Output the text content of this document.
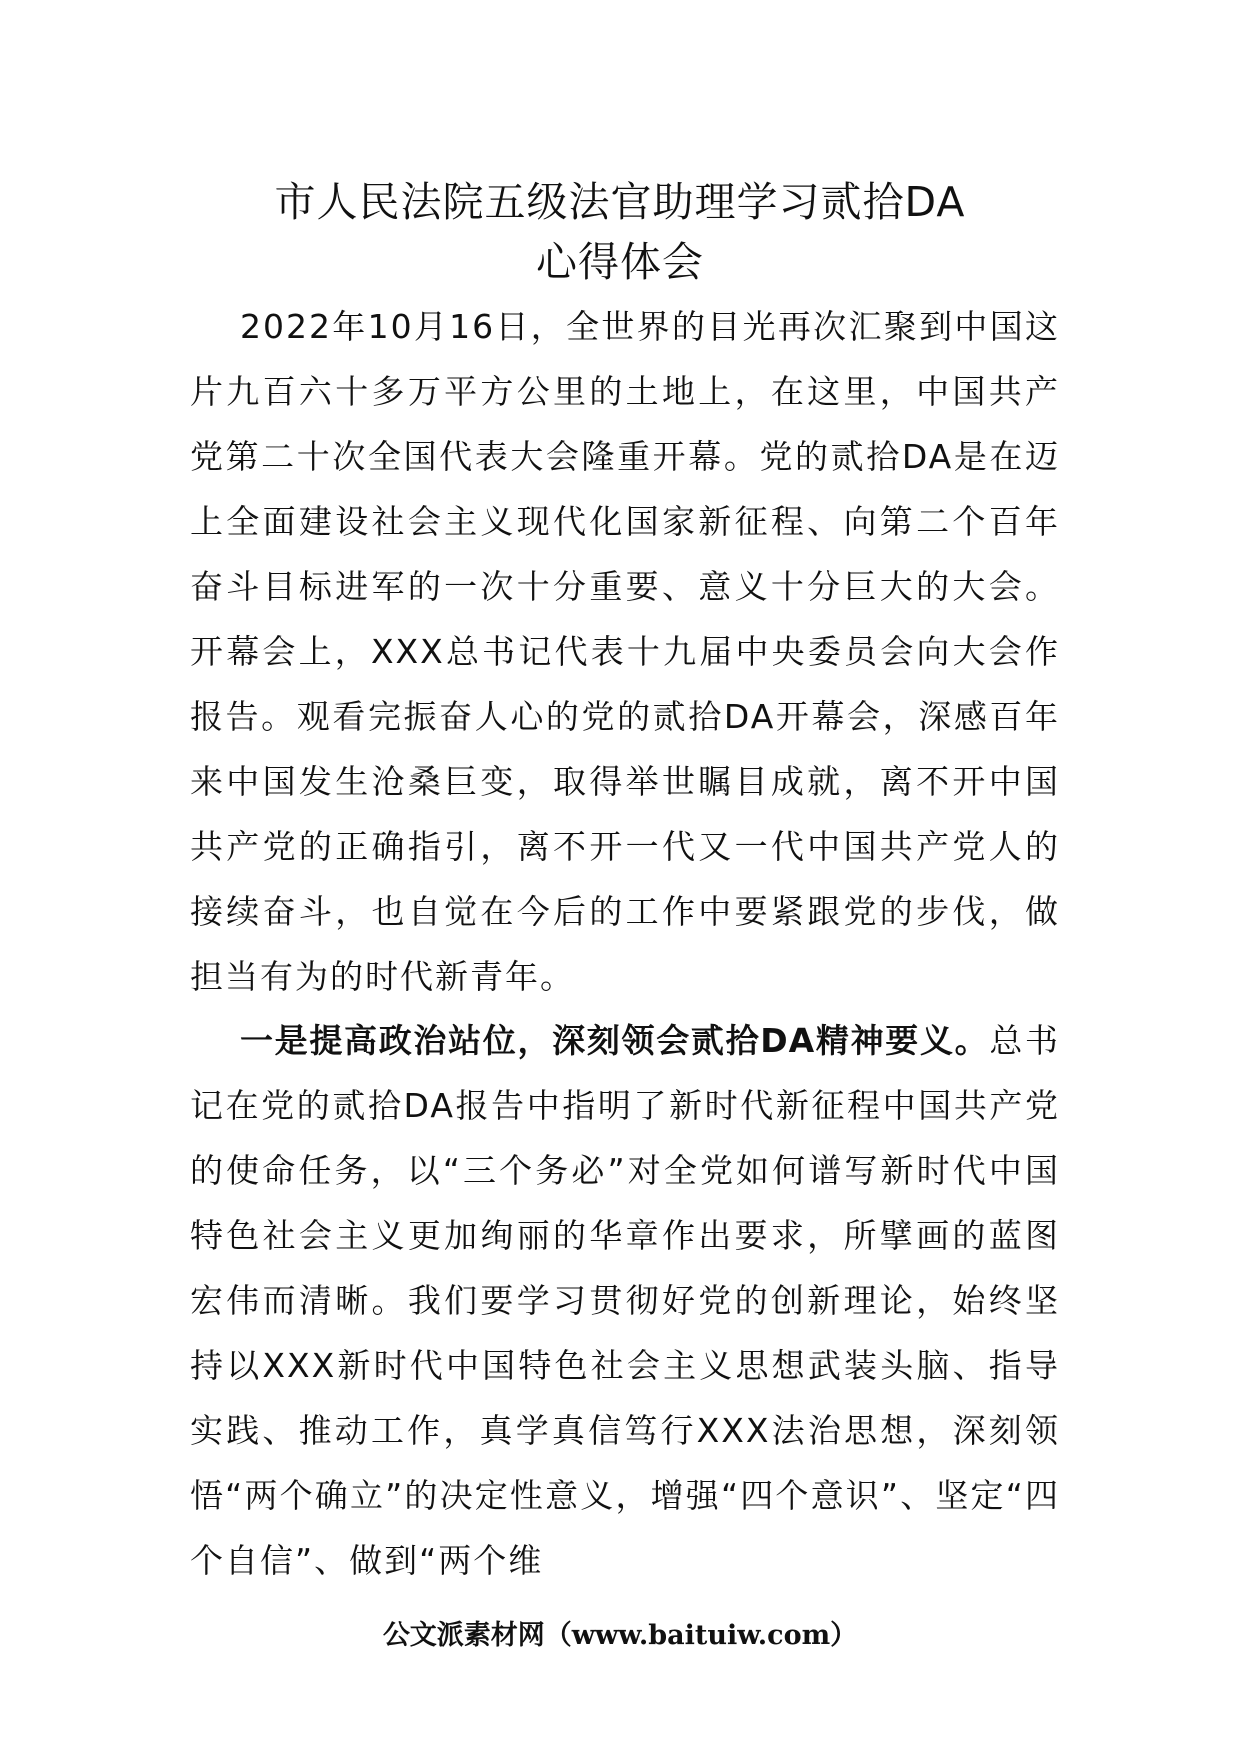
市人民法院五级法官助理学习贰拾DA
心得体会
2022年10月16日，全世界的目光再次汇聚到中国这片九百六十多万平方公里的土地上，在这里，中国共产党第二十次全国代表大会隆重开幕。党的贰拾DA是在迈上全面建设社会主义现代化国家新征程、向第二个百年奋斗目标进军的一次十分重要、意义十分巨大的大会。开幕会上，XXX总书记代表十九届中央委员会向大会作报告。观看完振奋人心的党的贰拾DA开幕会，深感百年来中国发生沧桑巨变，取得举世瞩目成就，离不开中国共产党的正确指引，离不开一代又一代中国共产党人的接续奋斗，也自觉在今后的工作中要紧跟党的步伐，做担当有为的时代新青年。
一是提高政治站位，深刻领会贰拾DA精神要义。总书记在党的贰拾DA报告中指明了新时代新征程中国共产党的使命任务，以“三个务必”对全党如何谱写新时代中国特色社会主义更加绚丽的华章作出要求，所擘画的蓝图宏伟而清晰。我们要学习贯彻好党的创新理论，始终坚持以XXX新时代中国特色社会主义思想武装头脑、指导实践、推动工作，真学真信笃行XXX法治思想，深刻领悟“两个确立”的决定性意义，增强“四个意识”、坚定“四个自信”、做到“两个维
公文派素材网（www.baituiw.com）
